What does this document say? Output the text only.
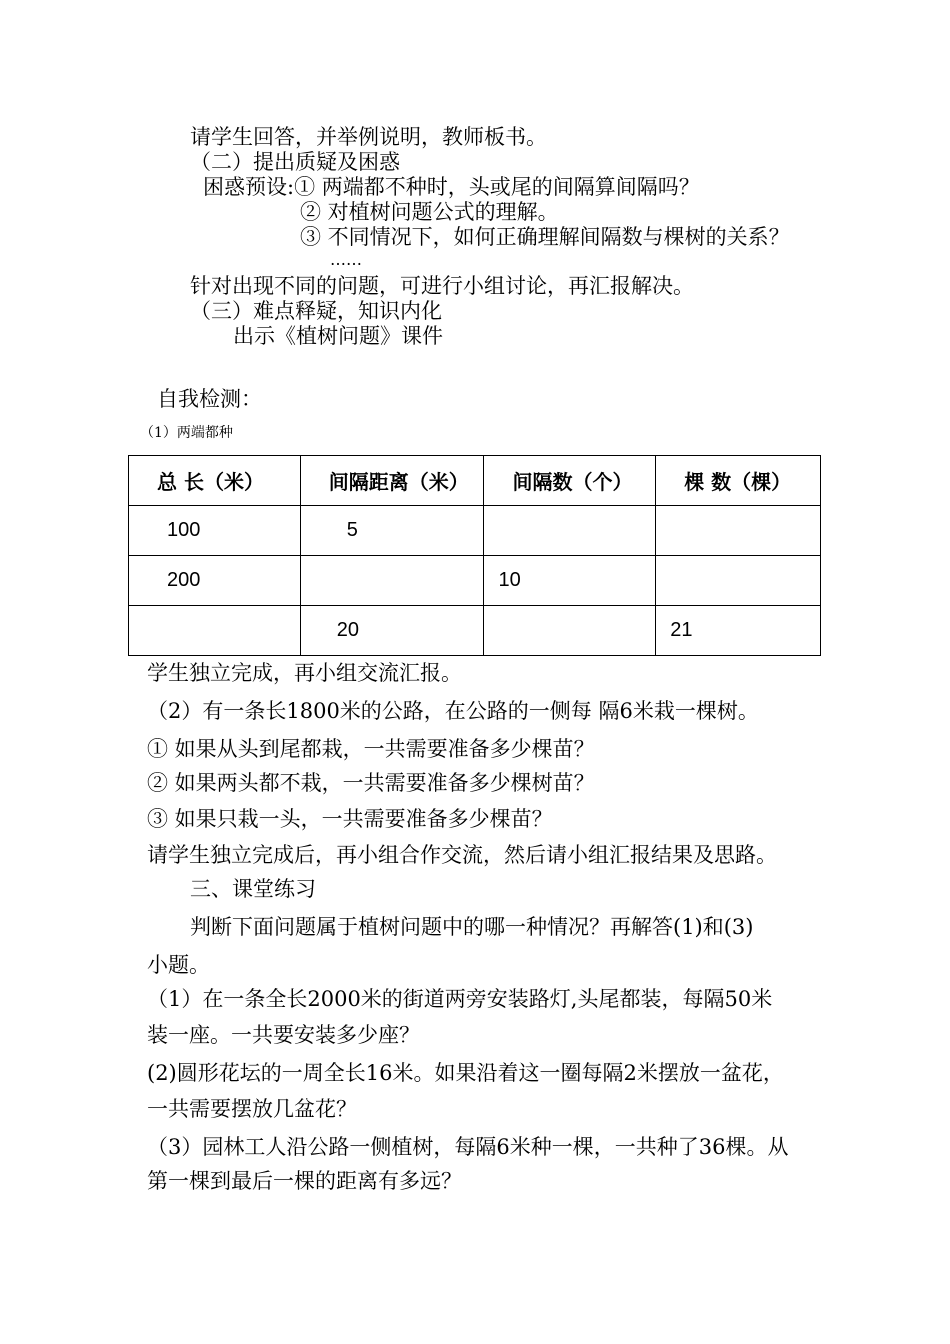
请学生回答，并举例说明，教师板书。
（二）提出质疑及困惑
困惑预设:① 两端都不种时，头或尾的间隔算间隔吗？
② 对植树问题公式的理解。
③ 不同情况下，如何正确理解间隔数与棵树的关系？
……
针对出现不同的问题，可进行小组讨论，再汇报解决。
（三）难点释疑，知识内化
出示《植树问题》课件
自我检测：
（1）两端都种
总 长（米）	间隔距离（米）	间隔数（个）	棵 数（棵）
100	5		
200		10	
	20		21
学生独立完成，再小组交流汇报。
（2）有一条长1800米的公路，在公路的一侧每 隔6米栽一棵树。
① 如果从头到尾都栽，一共需要准备多少棵苗？
② 如果两头都不栽，一共需要准备多少棵树苗？
③ 如果只栽一头，一共需要准备多少棵苗？
请学生独立完成后，再小组合作交流，然后请小组汇报结果及思路。
三、课堂练习
判断下面问题属于植树问题中的哪一种情况？再解答(1)和(3)
小题。
（1）在一条全长2000米的街道两旁安装路灯,头尾都装，每隔50米
装一座。一共要安装多少座？
(2)圆形花坛的一周全长16米。如果沿着这一圈每隔2米摆放一盆花，
一共需要摆放几盆花？
（3）园林工人沿公路一侧植树，每隔6米种一棵，一共种了36棵。从
第一棵到最后一棵的距离有多远？
